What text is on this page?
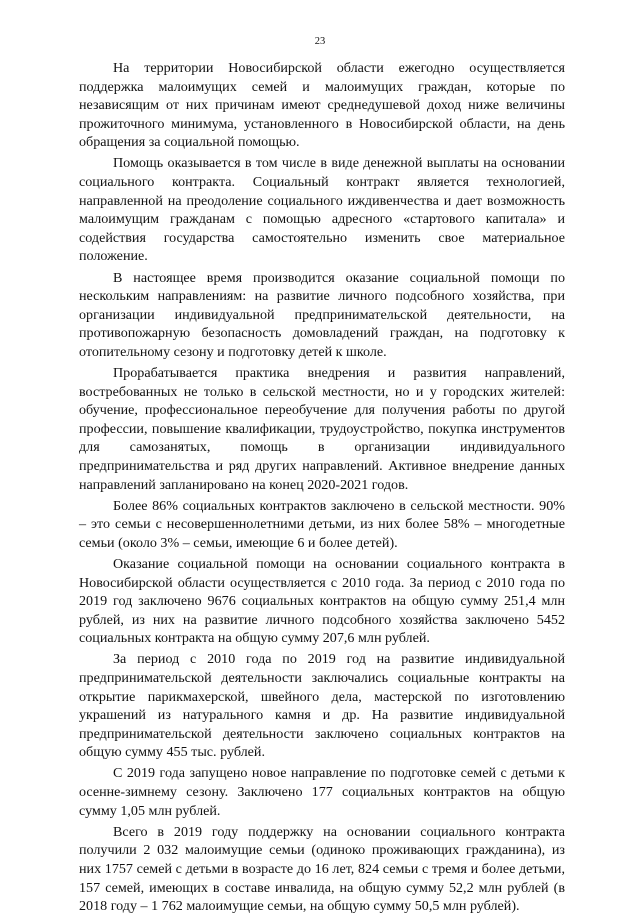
23

На территории Новосибирской области ежегодно осуществляется поддержка малоимущих семей и малоимущих граждан, которые по независящим от них причинам имеют среднедушевой доход ниже величины прожиточного минимума, установленного в Новосибирской области, на день обращения за социальной помощью.

Помощь оказывается в том числе в виде денежной выплаты на основании социального контракта. Социальный контракт является технологией, направленной на преодоление социального иждивенчества и дает возможность малоимущим гражданам с помощью адресного «стартового капитала» и содействия государства самостоятельно изменить свое материальное положение.

В настоящее время производится оказание социальной помощи по нескольким направлениям: на развитие личного подсобного хозяйства, при организации индивидуальной предпринимательской деятельности, на противопожарную безопасность домовладений граждан, на подготовку к отопительному сезону и подготовку детей к школе.

Прорабатывается практика внедрения и развития направлений, востребованных не только в сельской местности, но и у городских жителей: обучение, профессиональное переобучение для получения работы по другой профессии, повышение квалификации, трудоустройство, покупка инструментов для самозанятых, помощь в организации индивидуального предпринимательства и ряд других направлений. Активное внедрение данных направлений запланировано на конец 2020-2021 годов.

Более 86% социальных контрактов заключено в сельской местности. 90% – это семьи с несовершеннолетними детьми, из них более 58% – многодетные семьи (около 3% – семьи, имеющие 6 и более детей).

Оказание социальной помощи на основании социального контракта в Новосибирской области осуществляется с 2010 года. За период с 2010 года по 2019 год заключено 9676 социальных контрактов на общую сумму 251,4 млн рублей, из них на развитие личного подсобного хозяйства заключено 5452 социальных контракта на общую сумму 207,6 млн рублей.

За период с 2010 года по 2019 год на развитие индивидуальной предпринимательской деятельности заключались социальные контракты на открытие парикмахерской, швейного дела, мастерской по изготовлению украшений из натурального камня и др. На развитие индивидуальной предпринимательской деятельности заключено социальных контрактов на общую сумму 455 тыс. рублей.

С 2019 года запущено новое направление по подготовке семей с детьми к осенне-зимнему сезону. Заключено 177 социальных контрактов на общую сумму 1,05 млн рублей.

Всего в 2019 году поддержку на основании социального контракта получили 2 032 малоимущие семьи (одиноко проживающих гражданина), из них 1757 семей с детьми в возрасте до 16 лет, 824 семьи с тремя и более детьми, 157 семей, имеющих в составе инвалида, на общую сумму 52,2 млн рублей (в 2018 году – 1 762 малоимущие семьи, на общую сумму 50,5 млн рублей).
